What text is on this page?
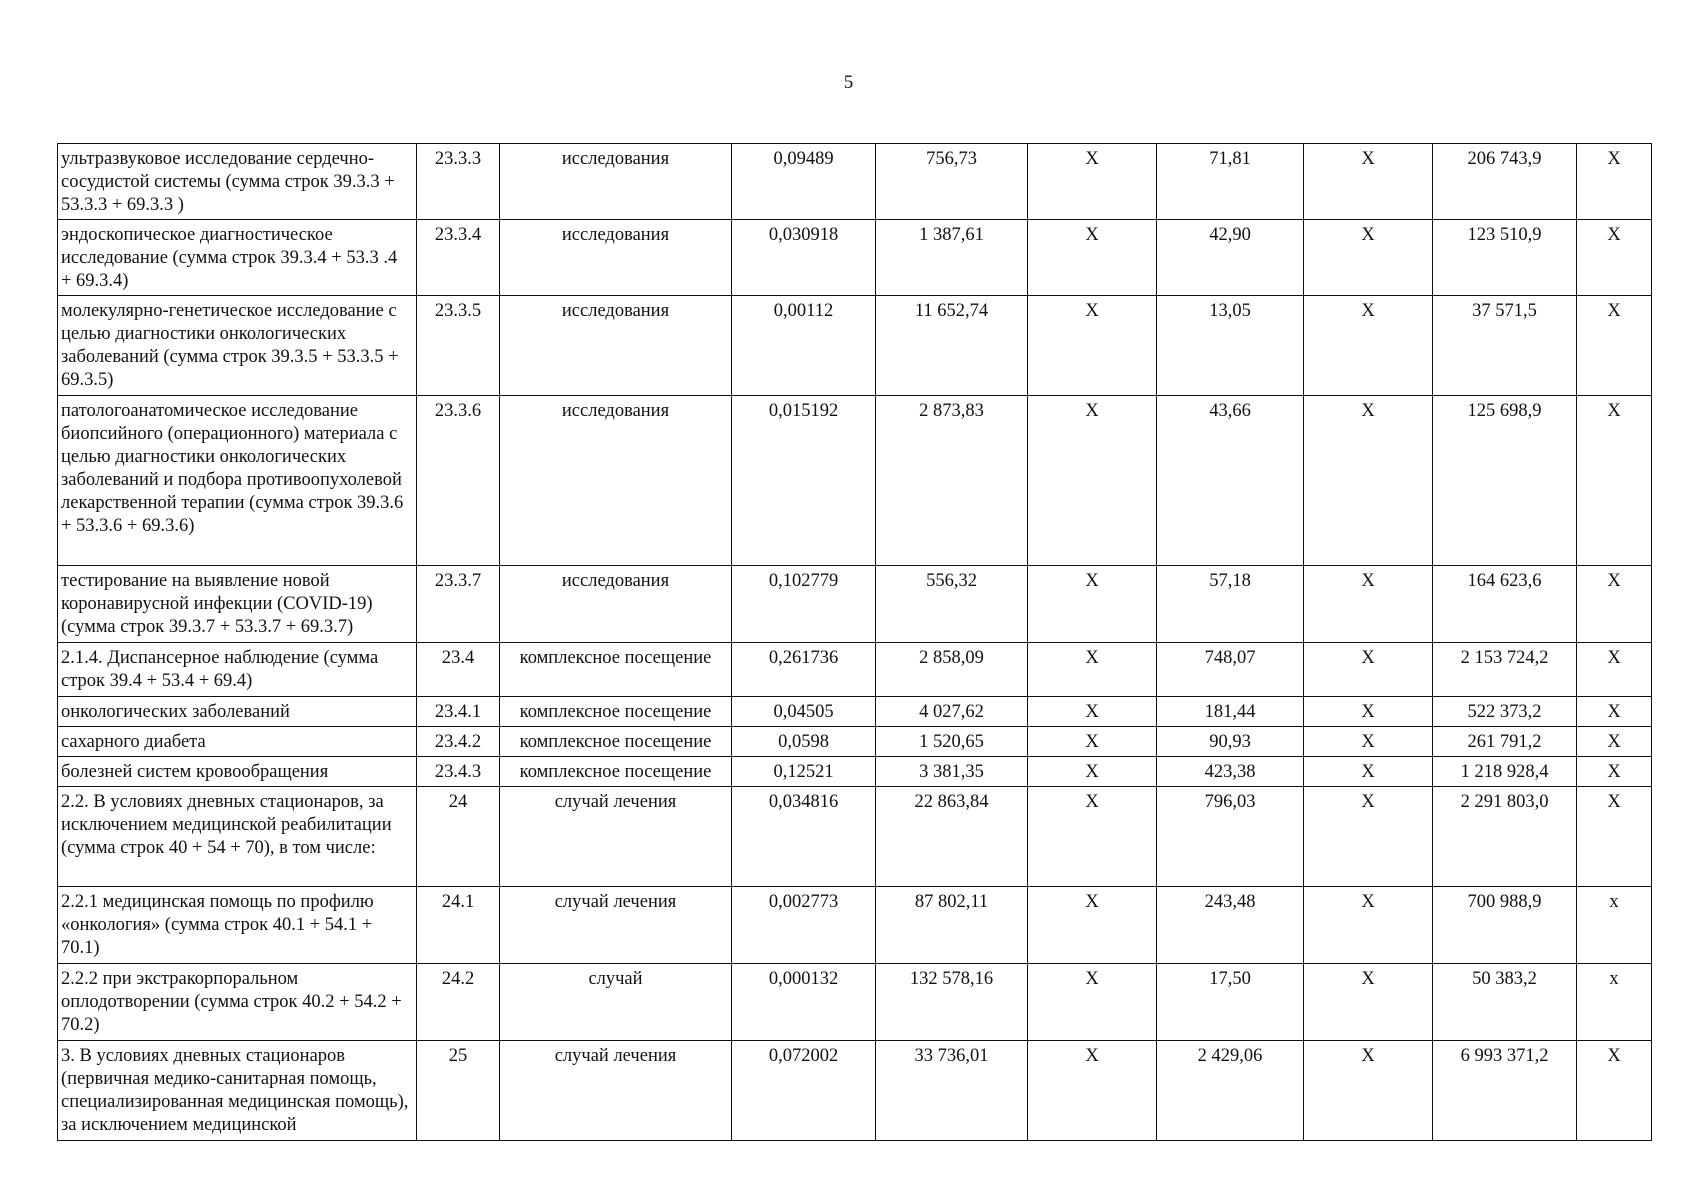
5
ультразвуковое исследование сердечно-сосудистой системы (сумма строк 39.3.3 + 53.3.3 + 69.3.3 )	23.3.3	исследования	0,09489	756,73	Х	71,81	Х	206 743,9	Х
эндоскопическое диагностическое исследование (сумма строк 39.3.4 + 53.3 .4 + 69.3.4)	23.3.4	исследования	0,030918	1 387,61	Х	42,90	Х	123 510,9	Х
молекулярно-генетическое исследование с целью диагностики онкологических заболеваний (сумма строк 39.3.5 + 53.3.5 + 69.3.5)	23.3.5	исследования	0,00112	11 652,74	Х	13,05	Х	37 571,5	Х
патологоанатомическое исследование биопсийного (операционного) материала с целью диагностики онкологических заболеваний и подбора противоопухолевой лекарственной терапии (сумма строк 39.3.6 + 53.3.6 + 69.3.6)	23.3.6	исследования	0,015192	2 873,83	Х	43,66	Х	125 698,9	Х
тестирование на выявление новой коронавирусной инфекции (COVID-19) (сумма строк 39.3.7 + 53.3.7 + 69.3.7)	23.3.7	исследования	0,102779	556,32	Х	57,18	Х	164 623,6	Х
2.1.4. Диспансерное наблюдение (сумма строк 39.4 + 53.4 + 69.4)	23.4	комплексное посещение	0,261736	2 858,09	Х	748,07	Х	2 153 724,2	Х
онкологических заболеваний	23.4.1	комплексное посещение	0,04505	4 027,62	Х	181,44	Х	522 373,2	Х
сахарного диабета	23.4.2	комплексное посещение	0,0598	1 520,65	Х	90,93	Х	261 791,2	Х
болезней систем кровообращения	23.4.3	комплексное посещение	0,12521	3 381,35	Х	423,38	Х	1 218 928,4	Х
2.2. В условиях дневных стационаров, за исключением медицинской реабилитации (сумма строк 40 + 54 + 70), в том числе:	24	случай лечения	0,034816	22 863,84	Х	796,03	Х	2 291 803,0	Х
2.2.1 медицинская помощь по профилю «онкология» (сумма строк 40.1 + 54.1 + 70.1)	24.1	случай лечения	0,002773	87 802,11	Х	243,48	Х	700 988,9	х
2.2.2 при экстракорпоральном оплодотворении (сумма строк 40.2 + 54.2 + 70.2)	24.2	случай	0,000132	132 578,16	Х	17,50	Х	50 383,2	х
3. В условиях дневных стационаров (первичная медико-санитарная помощь, специализированная медицинская помощь), за исключением медицинской	25	случай лечения	0,072002	33 736,01	Х	2 429,06	Х	6 993 371,2	Х
